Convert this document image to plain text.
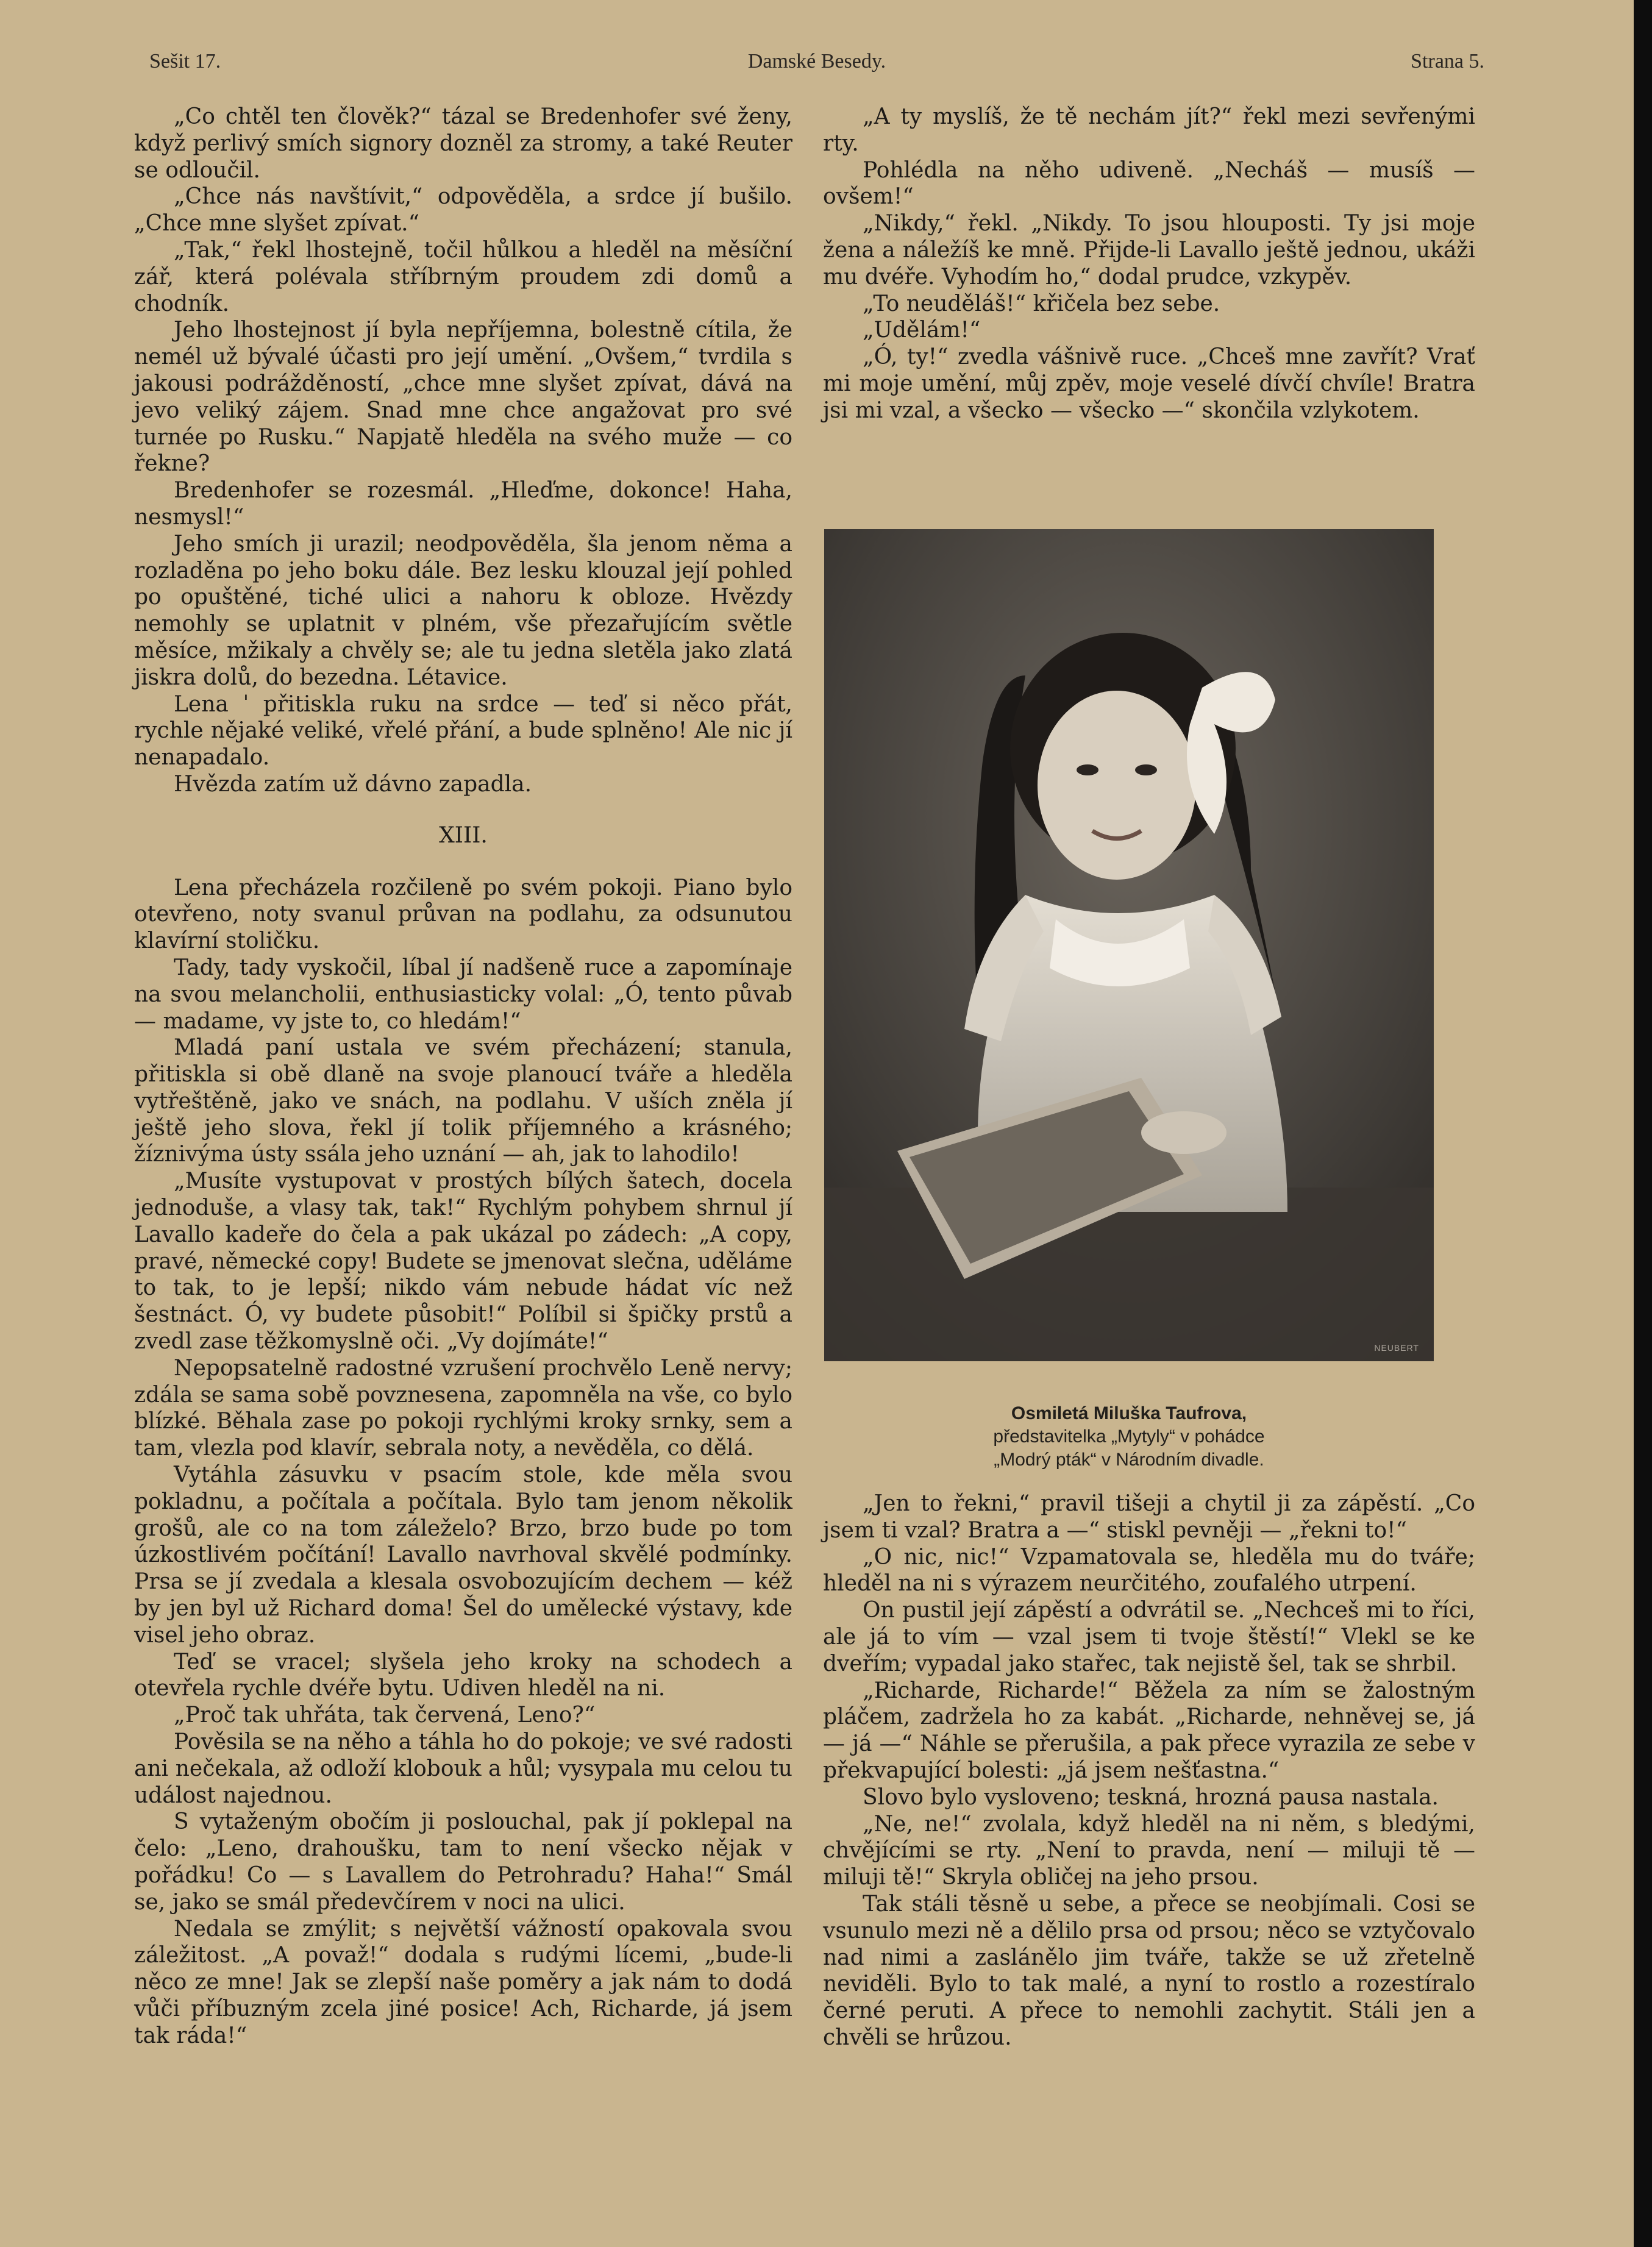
Sešit 17.	Damské Besedy.	Strana 5.

„Co chtěl ten člověk?“ tázal se Bredenhofer své ženy, když perlivý smích signory dozněl za stromy, a také Reuter se odloučil.

„Chce nás navštívit,“ odpověděla, a srdce jí bušilo. „Chce mne slyšet zpívat.“

„Tak,“ řekl lhostejně, točil hůlkou a hleděl na měsíční zář, která polévala stříbrným proudem zdi domů a chodník.

Jeho lhostejnost jí byla nepříjemna, bolestně cítila, že nemél už bývalé účasti pro její umění. „Ovšem,“ tvrdila s jakousi podrážděností, „chce mne slyšet zpívat, dává na jevo veliký zájem. Snad mne chce angažovat pro své turnée po Rusku.“ Napjatě hleděla na svého muže — co řekne?

Bredenhofer se rozesmál. „Hleďme, dokonce! Haha, nesmysl!“

Jeho smích ji urazil; neodpověděla, šla jenom němа a rozladěna po jeho boku dále. Bez lesku klouzal její pohled po opuštěné, tiché ulici a nahoru k obloze. Hvězdy nemohly se uplatnit v plném, vše přezařujícím světle měsíce, mžikaly a chvěly se; ale tu jedna sletěla jako zlatá jiskra dolů, do bezedna. Létavice.

Lena ˈ přitiskla ruku na srdce — teď si něco přát, rychle nějaké veliké, vřelé přání, a bude splněno! Ale nic jí nenapadalo.

Hvězda zatím už dávno zapadla.

XIII.

Lena přecházela rozčileně po svém pokoji. Piano bylo otevřeno, noty svanul průvan na podlahu, za odsunutou klavírní stoličku.

Tady, tady vyskočil, líbal jí nadšeně ruce a zapomínaje na svou melancholii, enthusiasticky volal: „Ó, tento půvab — madame, vy jste to, co hledám!“

Mladá paní ustala ve svém přecházení; stanula, přitiskla si obě dlaně na svoje planoucí tváře a hleděla vytřeštěně, jako ve snách, na podlahu. V uších zněla jí ještě jeho slova, řekl jí tolik příjemného a krásného; žíznivýma ústy ssála jeho uznání — ah, jak to lahodilo!

„Musíte vystupovat v prostých bílých šatech, docela jednoduše, a vlasy tak, tak!“ Rychlým pohybem shrnul jí Lavallo kadeře do čela a pak ukázal po zádech: „A copy, pravé, německé copy! Budete se jmenovat slečna, uděláme to tak, to je lepší; nikdo vám nebude hádat víc než šestnáct. Ó, vy budete působit!“ Políbil si špičky prstů a zvedl zase těžkomyslně oči. „Vy dojímáte!“

Nepopsatelně radostné vzrušení prochvělo Leně nervy; zdála se sama sobě povznesena, zapomněla na vše, co bylo blízké. Běhala zase po pokoji rychlými kroky srnky, sem a tam, vlezla pod klavír, sebrala noty, a nevěděla, co dělá.

Vytáhla zásuvku v psacím stole, kde měla svou pokladnu, a počítala a počítala. Bylo tam jenom několik grošů, ale co na tom záleželo? Brzo, brzo bude po tom úzkostlivém počítání! Lavallo navrhoval skvělé podmínky. Prsa se jí zvedala a klesala osvobozujícím dechem — kéž by jen byl už Richard doma! Šel do umělecké výstavy, kde visel jeho obraz.

Teď se vracel; slyšela jeho kroky na schodech a otevřela rychle dvéře bytu. Udiven hleděl na ni.

„Proč tak uhřáta, tak červená, Leno?“

Pověsila se na něho a táhla ho do pokoje; ve své radosti ani nečekala, až odloží klobouk a hůl; vysypala mu celou tu událost najednou.

S vytaženým obočím ji poslouchal, pak jí poklepal na čelo: „Leno, drahoušku, tam to není všecko nějak v pořádku! Co — s Lavallem do Petrohradu? Haha!“ Smál se, jako se smál předevčírem v noci na ulici.

Nedala se zmýlit; s největší vážností opakovala svou záležitost. „A považ!“ dodala s rudými lícemi, „bude-li něco ze mne! Jak se zlepší naše poměry a jak nám to dodá vůči příbuzným zcela jiné posice! Ach, Richarde, já jsem tak ráda!“

„A ty myslíš, že tě nechám jít?“ řekl mezi sevřenými rty.

Pohlédla na něho udiveně. „Necháš — musíš — ovšem!“

„Nikdy,“ řekl. „Nikdy. To jsou hlouposti. Ty jsi moje žena a náležíš ke mně. Přijde-li Lavallo ještě jednou, ukáži mu dvéře. Vyhodím ho,“ dodal prudce, vzkypěv.

„To neuděláš!“ křičela bez sebe.

„Udělám!“

„Ó, ty!“ zvedla vášnivě ruce. „Chceš mne zavřít? Vrať mi moje umění, můj zpěv, moje veselé dívčí chvíle! Bratra jsi mi vzal, a všecko — všecko —“ skončila vzlykotem.

NEUBERT
Osmiletá Miluška Taufrova,
představitelka „Mytyly“ v pohádce
„Modrý pták“ v Národním divadle.

„Jen to řekni,“ pravil tišeji a chytil ji za zápěstí. „Co jsem ti vzal? Bratra a —“ stiskl pevněji — „řekni to!“

„O nic, nic!“ Vzpamatovala se, hleděla mu do tváře; hleděl na ni s výrazem neurčitého, zoufalého utrpení.

On pustil její zápěstí a odvrátil se. „Nechceš mi to říci, ale já to vím — vzal jsem ti tvoje štěstí!“ Vlekl se ke dveřím; vypadal jako stařec, tak nejistě šel, tak se shrbil.

„Richarde, Richarde!“ Běžela za ním se žalostným pláčem, zadržela ho za kabát. „Richarde, nehněvej se, já — já —“ Náhle se přerušila, a pak přece vyrazila ze sebe v překvapující bolesti: „já jsem nešťastna.“

Slovo bylo vysloveno; teskná, hrozná pausa nastala.

„Ne, ne!“ zvolala, když hleděl na ni něm, s bledými, chvějícími se rty. „Není to pravda, není — miluji tě — miluji tě!“ Skryla obličej na jeho prsou.

Tak stáli těsně u sebe, a přece se neobjímali. Cosi se vsunulo mezi ně a dělilo prsa od prsou; něco se vztyčovalo nad nimi a zaslánělo jim tváře, takže se už zřetelně neviděli. Bylo to tak malé, a nyní to rostlo a rozestíralo černé peruti. A přece to nemohli zachytit. Stáli jen a chvěli se hrůzou.
